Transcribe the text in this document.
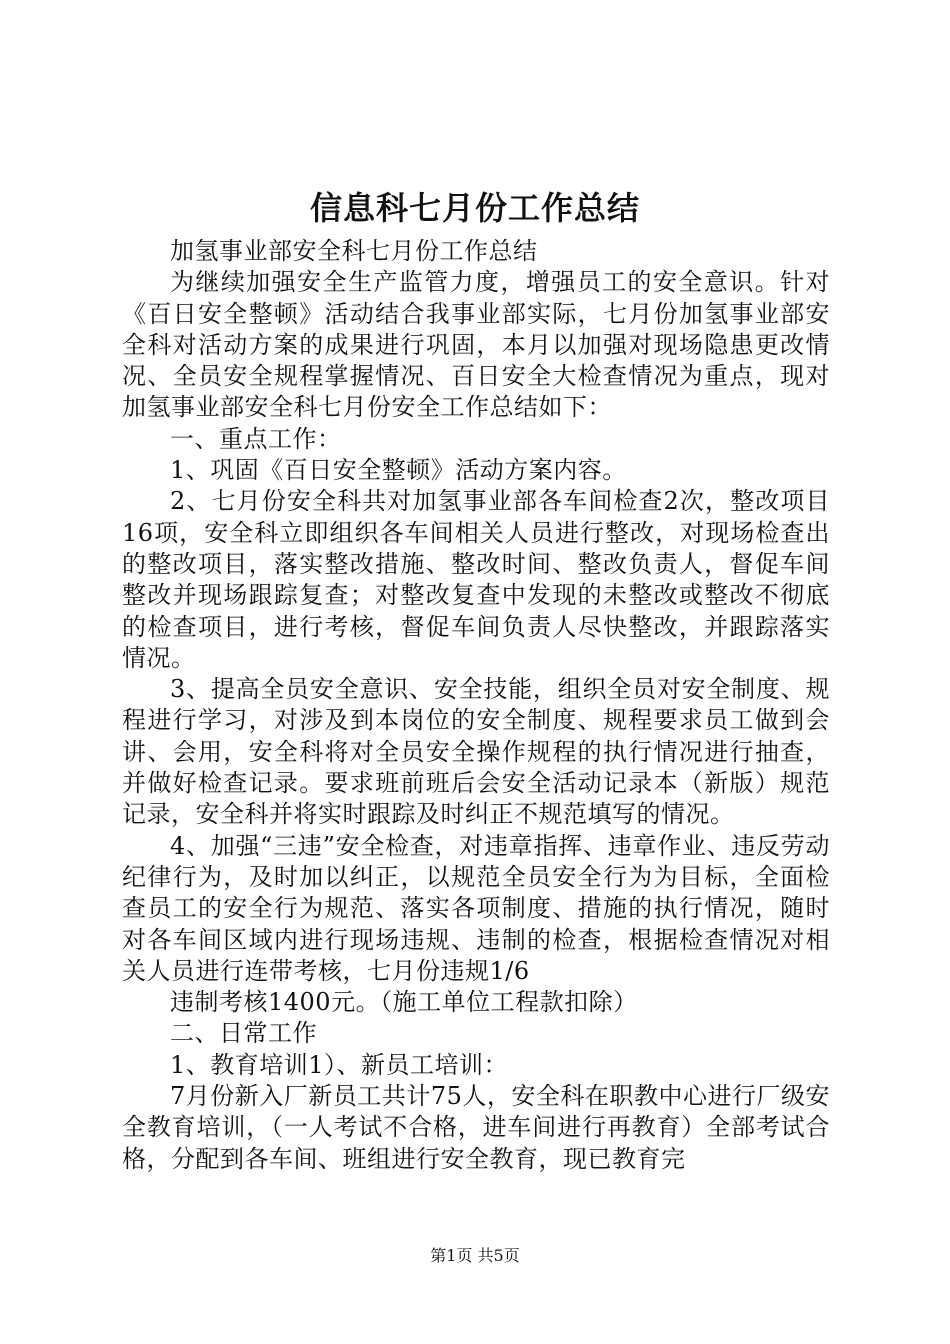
信息科七月份工作总结

加氢事业部安全科七月份工作总结

为继续加强安全生产监管力度，增强员工的安全意识。针对《百日安全整顿》活动结合我事业部实际，七月份加氢事业部安全科对活动方案的成果进行巩固，本月以加强对现场隐患更改情况、全员安全规程掌握情况、百日安全大检查情况为重点，现对加氢事业部安全科七月份安全工作总结如下：

一、重点工作：

1、巩固《百日安全整顿》活动方案内容。

2、七月份安全科共对加氢事业部各车间检查2次，整改项目16项，安全科立即组织各车间相关人员进行整改，对现场检查出的整改项目，落实整改措施、整改时间、整改负责人，督促车间整改并现场跟踪复查；对整改复查中发现的未整改或整改不彻底的检查项目，进行考核，督促车间负责人尽快整改，并跟踪落实情况。

3、提高全员安全意识、安全技能，组织全员对安全制度、规程进行学习，对涉及到本岗位的安全制度、规程要求员工做到会讲、会用，安全科将对全员安全操作规程的执行情况进行抽查，并做好检查记录。要求班前班后会安全活动记录本（新版）规范记录，安全科并将实时跟踪及时纠正不规范填写的情况。

4、加强“三违”安全检查，对违章指挥、违章作业、违反劳动纪律行为，及时加以纠正，以规范全员安全行为为目标，全面检查员工的安全行为规范、落实各项制度、措施的执行情况，随时对各车间区域内进行现场违规、违制的检查，根据检查情况对相关人员进行连带考核，七月份违规1/6

违制考核1400元。（施工单位工程款扣除）

二、日常工作

1、教育培训1）、新员工培训：

7月份新入厂新员工共计75人，安全科在职教中心进行厂级安全教育培训，（一人考试不合格，进车间进行再教育）全部考试合格，分配到各车间、班组进行安全教育，现已教育完

第1页 共5页
